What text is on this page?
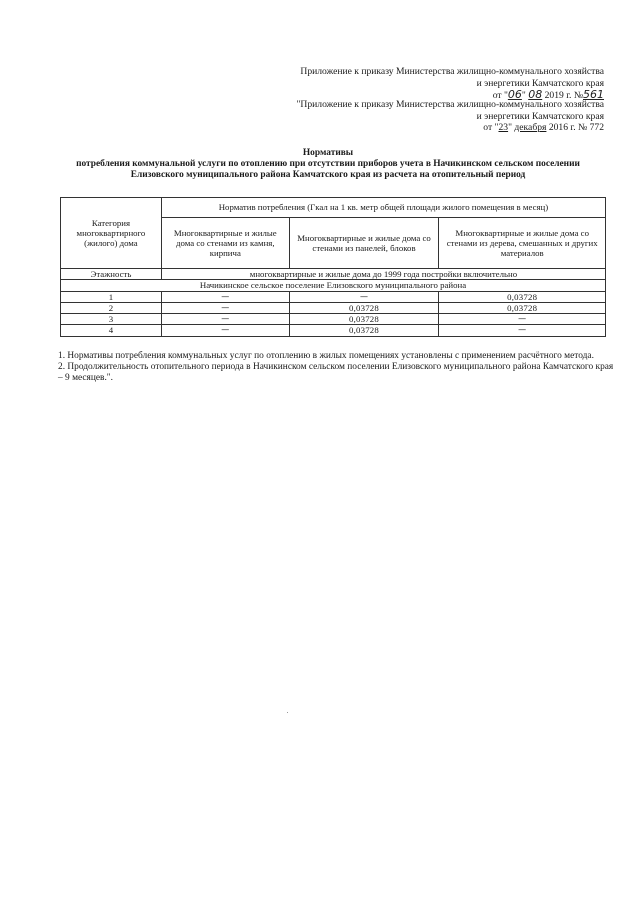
Приложение к приказу Министерства жилищно-коммунального хозяйства
и энергетики Камчатского края
от "06" 08 2019 г. №561
"Приложение к приказу Министерства жилищно-коммунального хозяйства
и энергетики Камчатского края
от "23" декабря 2016 г. № 772
Нормативы
потребления коммунальной услуги по отоплению при отсутствии приборов учета в Начикинском сельском поселении
Елизовского муниципального района Камчатского края из расчета на отопительный период
Категория многоквартирного (жилого) дома	Норматив потребления (Гкал на 1 кв. метр общей площади жилого помещения в месяц)		
	Многоквартирные и жилые дома со стенами из камня, кирпича	Многоквартирные и жилые дома со стенами из панелей, блоков	Многоквартирные и жилые дома со стенами из дерева, смешанных и других материалов
Этажность	многоквартирные и жилые дома до 1999 года постройки включительно		
Начикинское сельское поселение Елизовского муниципального района			
1	—	—	0,03728
2	—	0,03728	0,03728
3	—	0,03728	—
4	—	0,03728	—

1. Нормативы потребления коммунальных услуг по отоплению в жилых помещениях установлены с применением расчётного метода.

2. Продолжительность отопительного периода в Начикинском сельском поселении Елизовского муниципального района Камчатского края – 9 месяцев.".
